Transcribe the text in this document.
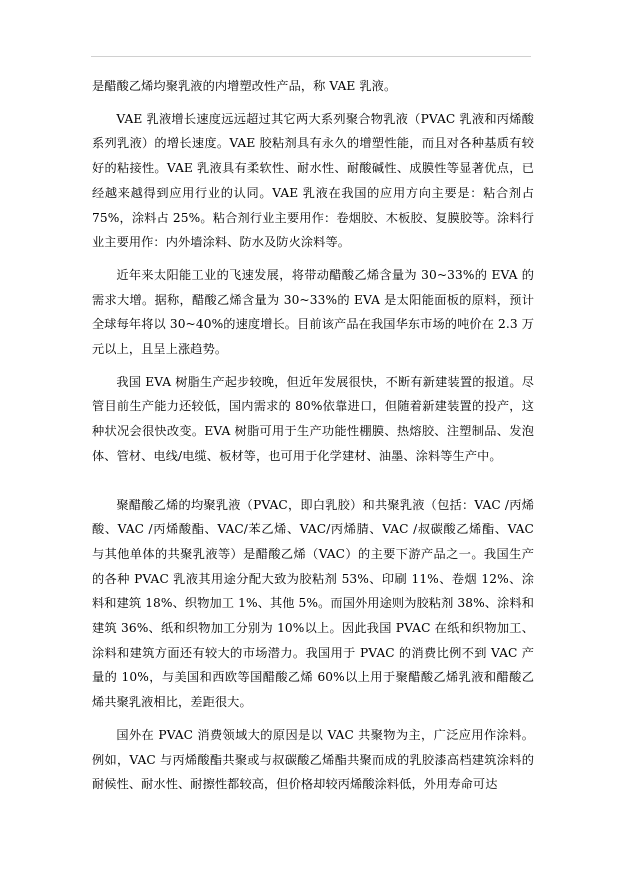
是醋酸乙烯均聚乳液的内增塑改性产品，称 VAE 乳液。

VAE 乳液增长速度远远超过其它两大系列聚合物乳液（PVAC 乳液和丙烯酸系列乳液）的增长速度。VAE 胶粘剂具有永久的增塑性能，而且对各种基质有较好的粘接性。VAE 乳液具有柔软性、耐水性、耐酸碱性、成膜性等显著优点，已经越来越得到应用行业的认同。VAE 乳液在我国的应用方向主要是：粘合剂占 75%，涂料占 25%。粘合剂行业主要用作：卷烟胶、木板胶、复膜胶等。涂料行业主要用作：内外墙涂料、防水及防火涂料等。

近年来太阳能工业的飞速发展，将带动醋酸乙烯含量为 30~33%的 EVA 的需求大增。据称，醋酸乙烯含量为 30~33%的 EVA 是太阳能面板的原料，预计全球每年将以 30~40%的速度增长。目前该产品在我国华东市场的吨价在 2.3 万元以上，且呈上涨趋势。

我国 EVA 树脂生产起步较晚，但近年发展很快，不断有新建装置的报道。尽管目前生产能力还较低，国内需求的 80%依靠进口，但随着新建装置的投产，这种状况会很快改变。EVA 树脂可用于生产功能性棚膜、热熔胶、注塑制品、发泡体、管材、电线/电缆、板材等，也可用于化学建材、油墨、涂料等生产中。

聚醋酸乙烯的均聚乳液（PVAC，即白乳胶）和共聚乳液（包括：VAC /丙烯酸、VAC /丙烯酸酯、VAC/苯乙烯、VAC/丙烯腈、VAC /叔碳酸乙烯酯、VAC 与其他单体的共聚乳液等）是醋酸乙烯（VAC）的主要下游产品之一。我国生产的各种 PVAC 乳液其用途分配大致为胶粘剂 53%、印刷 11%、卷烟 12%、涂料和建筑 18%、织物加工 1%、其他 5%。而国外用途则为胶粘剂 38%、涂料和建筑 36%、纸和织物加工分别为 10%以上。因此我国 PVAC 在纸和织物加工、涂料和建筑方面还有较大的市场潜力。我国用于 PVAC 的消费比例不到 VAC 产量的 10%，与美国和西欧等国醋酸乙烯 60%以上用于聚醋酸乙烯乳液和醋酸乙烯共聚乳液相比，差距很大。

国外在 PVAC 消费领域大的原因是以 VAC 共聚物为主，广泛应用作涂料。例如，VAC 与丙烯酸酯共聚或与叔碳酸乙烯酯共聚而成的乳胶漆高档建筑涂料的耐候性、耐水性、耐擦性都较高，但价格却较丙烯酸涂料低，外用寿命可达
